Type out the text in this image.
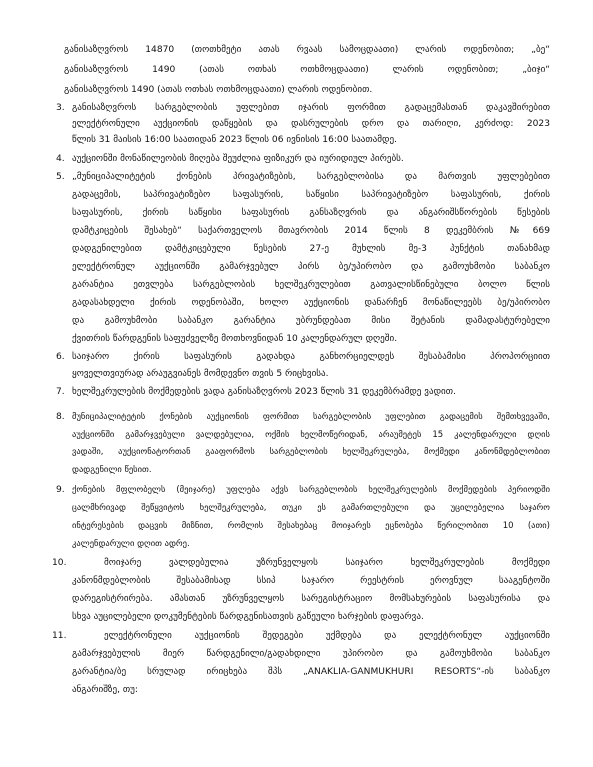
განისაზღვროს 14870 (თოთხმეტი ათას რვაას სამოცდაათი) ლარის ოდენობით; „ბე“
განისაზღვროს 1490 (ათას ოთხას ოთხმოცდაათი) ლარის ოდენობით; „ბიჯი“
განისაზღვროს 1490 (ათას ოთხას ოთხმოცდაათი) ლარის ოდენობით.
3. განისაზღვროს სარგებლობის უფლებით იჯარის ფორმით გადაცემასთან დაკავშირებით
ელექტრონული აუქციონის დაწყების და დასრულების დრო და თარიღი, კერძოდ: 2023
წლის 31 მაისის 16:00 საათიდან 2023 წლის 06 ივნისის 16:00 საათამდე.
4. აუქციონში მონაწილეობის მიღება შეუძლია ფიზიკურ და იურიდიულ პირებს.
5. „მუნიციპალიტეტის ქონების პრივატიზების, სარგებლობისა და მართვის უფლებებით
გადაცემის, საპრივატიზებო საფასურის, საწყისი საპრივატიზებო საფასურის, ქირის
საფასურის, ქირის საწყისი საფასურის განსაზღვრის და ანგარიშსწორების წესების
დამტკიცების შესახებ“ საქართველოს მთავრობის 2014 წლის 8 დეკემბრის №669
დადგენილებით დამტკიცებული წესების 27-ე მუხლის მე-3 პუნქტის თანახმად
ელექტრონულ აუქციონში გამარჯვებულ პირს ბე/უპირობო და გამოუხმობი საბანკო
გარანტია ეთვლება სარგებლობის ხელშეკრულებით გათვალისწინებული ბოლო წლის
გადასახდელი ქირის ოდენობაში, ხოლო აუქციონის დანარჩენ მონაწილეებს ბე/უპირობო
და გამოუხმობი საბანკო გარანტია უბრუნდებათ მისი შეტანის დამადასტურებელი
ქვითრის წარდგენის საფუძველზე მოთხოვნიდან 10 კალენდარულ დღეში.
6. საიჯარო ქირის საფასურის გადახდა განხორციელდეს შესაბამისი პროპორციით
ყოველთვიურად არაუგვიანეს მომდევნო თვის 5 რიცხვისა.
7. ხელშეკრულების მოქმედების ვადა განისაზღვროს 2023 წლის 31 დეკემბრამდე ვადით.
8. მუნიციპალიტეტის ქონების აუქციონის ფორმით სარგებლობის უფლებით გადაცემის შემთხვევაში,
აუქციონში გამარჯვებული ვალდებულია, ოქმის ხელმოწერიდან, არაუმეტეს 15 კალენდარული დღის
ვადაში, აუქციონატორთან გააფორმოს სარგებლობის ხელშეკრულება, მოქმედი კანონმდებლობით
დადგენილი წესით.
9. ქონების მფლობელს (მეიჯარე) უფლება აქვს სარგებლობის ხელშეკრულების მოქმედების პერიოდში
ცალმხრივად შეწყვიტოს ხელშეკრულება, თუკი ეს გამართლებული და უცილებელია საჯარო
ინტერესების დაცვის მიზნით, რომლის შესახებაც მოიჯარეს ეცნობება წერილობით 10 (ათი)
კალენდარული დღით ადრე.
10.	მოიჯარე ვალდებულია უზრუნველყოს საიჯარო ხელშეკრულების მოქმედი
კანონმდებლობის შესაბამისად სსიპ საჯარო რეესტრის ეროვნულ სააგენტოში
დარეგისტრირება. ამასთან უზრუნველყოს სარეგისტრაციო მომსახურების საფასურისა და
სხვა აუცილებელი დოკუმენტების წარდგენისათვის გაწეული ხარჯების დაფარვა.
11.	ელექტრონული აუქციონის შედეგები უქმდება და ელექტრონულ აუქციონში
გამარჯვებულის მიერ წარდგენილი/გადახდილი უპირობო და გამოუხმობი საბანკო
გარანტია/ბე სრულად ირიცხება შპს „ANAKLIA-GANMUKHURI RESORTS“-ის საბანკო
ანგარიშზე, თუ:
